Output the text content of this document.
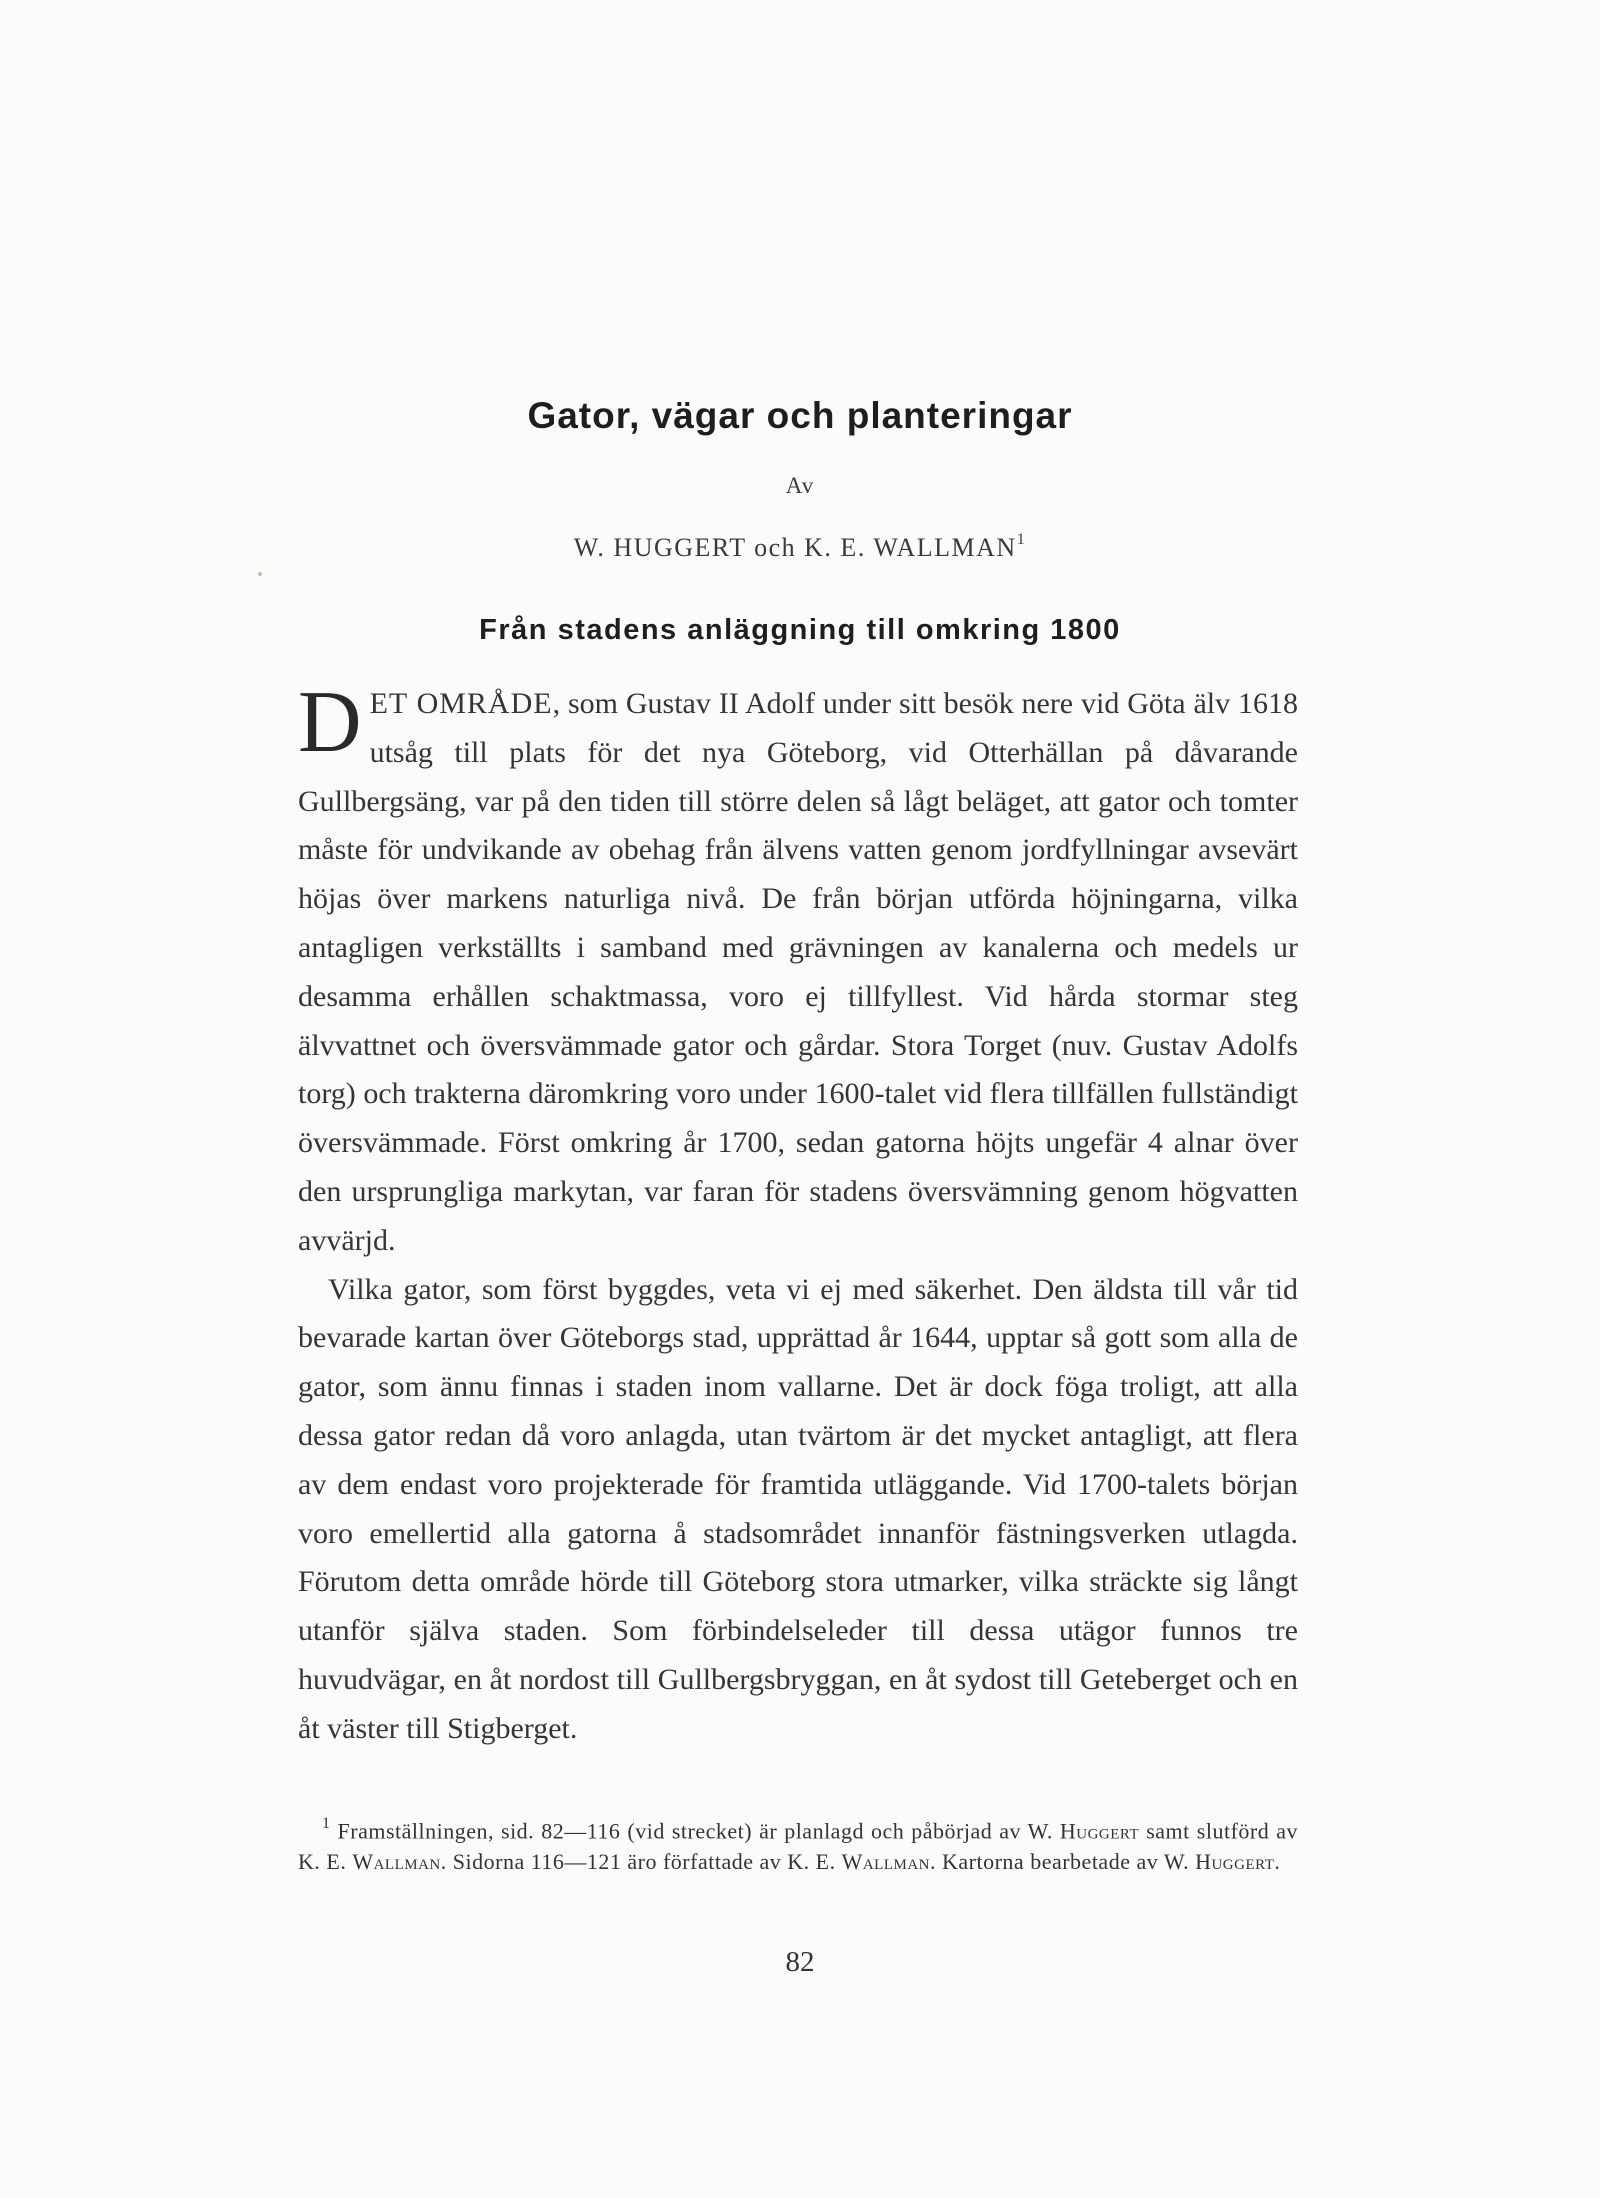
Gator, vägar och planteringar
Av
W. HUGGERT och K. E. WALLMAN$^1$
Från stadens anläggning till omkring 1800

DET OMRÅDE, som Gustav II Adolf under sitt besök nere vid Göta älv 1618 utsåg till plats för det nya Göteborg, vid Otterhällan på dåvarande Gullbergsäng, var på den tiden till större delen så lågt beläget, att gator och tomter måste för undvikande av obehag från älvens vatten genom jordfyllningar avsevärt höjas över markens naturliga nivå. De från början utförda höjningarna, vilka antagligen verkställts i samband med grävningen av kanalerna och medels ur desamma erhållen schaktmassa, voro ej tillfyllest. Vid hårda stormar steg älvvattnet och översvämmade gator och gårdar. Stora Torget (nuv. Gustav Adolfs torg) och trakterna däromkring voro under 1600-talet vid flera tillfällen fullständigt översvämmade. Först omkring år 1700, sedan gatorna höjts ungefär 4 alnar över den ursprungliga markytan, var faran för stadens översvämning genom högvatten avvärjd.

Vilka gator, som först byggdes, veta vi ej med säkerhet. Den äldsta till vår tid bevarade kartan över Göteborgs stad, upprättad år 1644, upptar så gott som alla de gator, som ännu finnas i staden inom vallarne. Det är dock föga troligt, att alla dessa gator redan då voro anlagda, utan tvärtom är det mycket antagligt, att flera av dem endast voro projekterade för framtida utläggande. Vid 1700-talets början voro emellertid alla gatorna å stadsområdet innanför fästningsverken utlagda. Förutom detta område hörde till Göteborg stora utmarker, vilka sträckte sig långt utanför själva staden. Som förbindelseleder till dessa utägor funnos tre huvudvägar, en åt nordost till Gullbergsbryggan, en åt sydost till Geteberget och en åt väster till Stigberget.

$^1$ Framställningen, sid. 82—116 (vid strecket) är planlagd och påbörjad av W. Huggert samt slutförd av K. E. Wallman. Sidorna 116—121 äro författade av K. E. Wallman. Kartorna bearbetade av W. Huggert.

82
